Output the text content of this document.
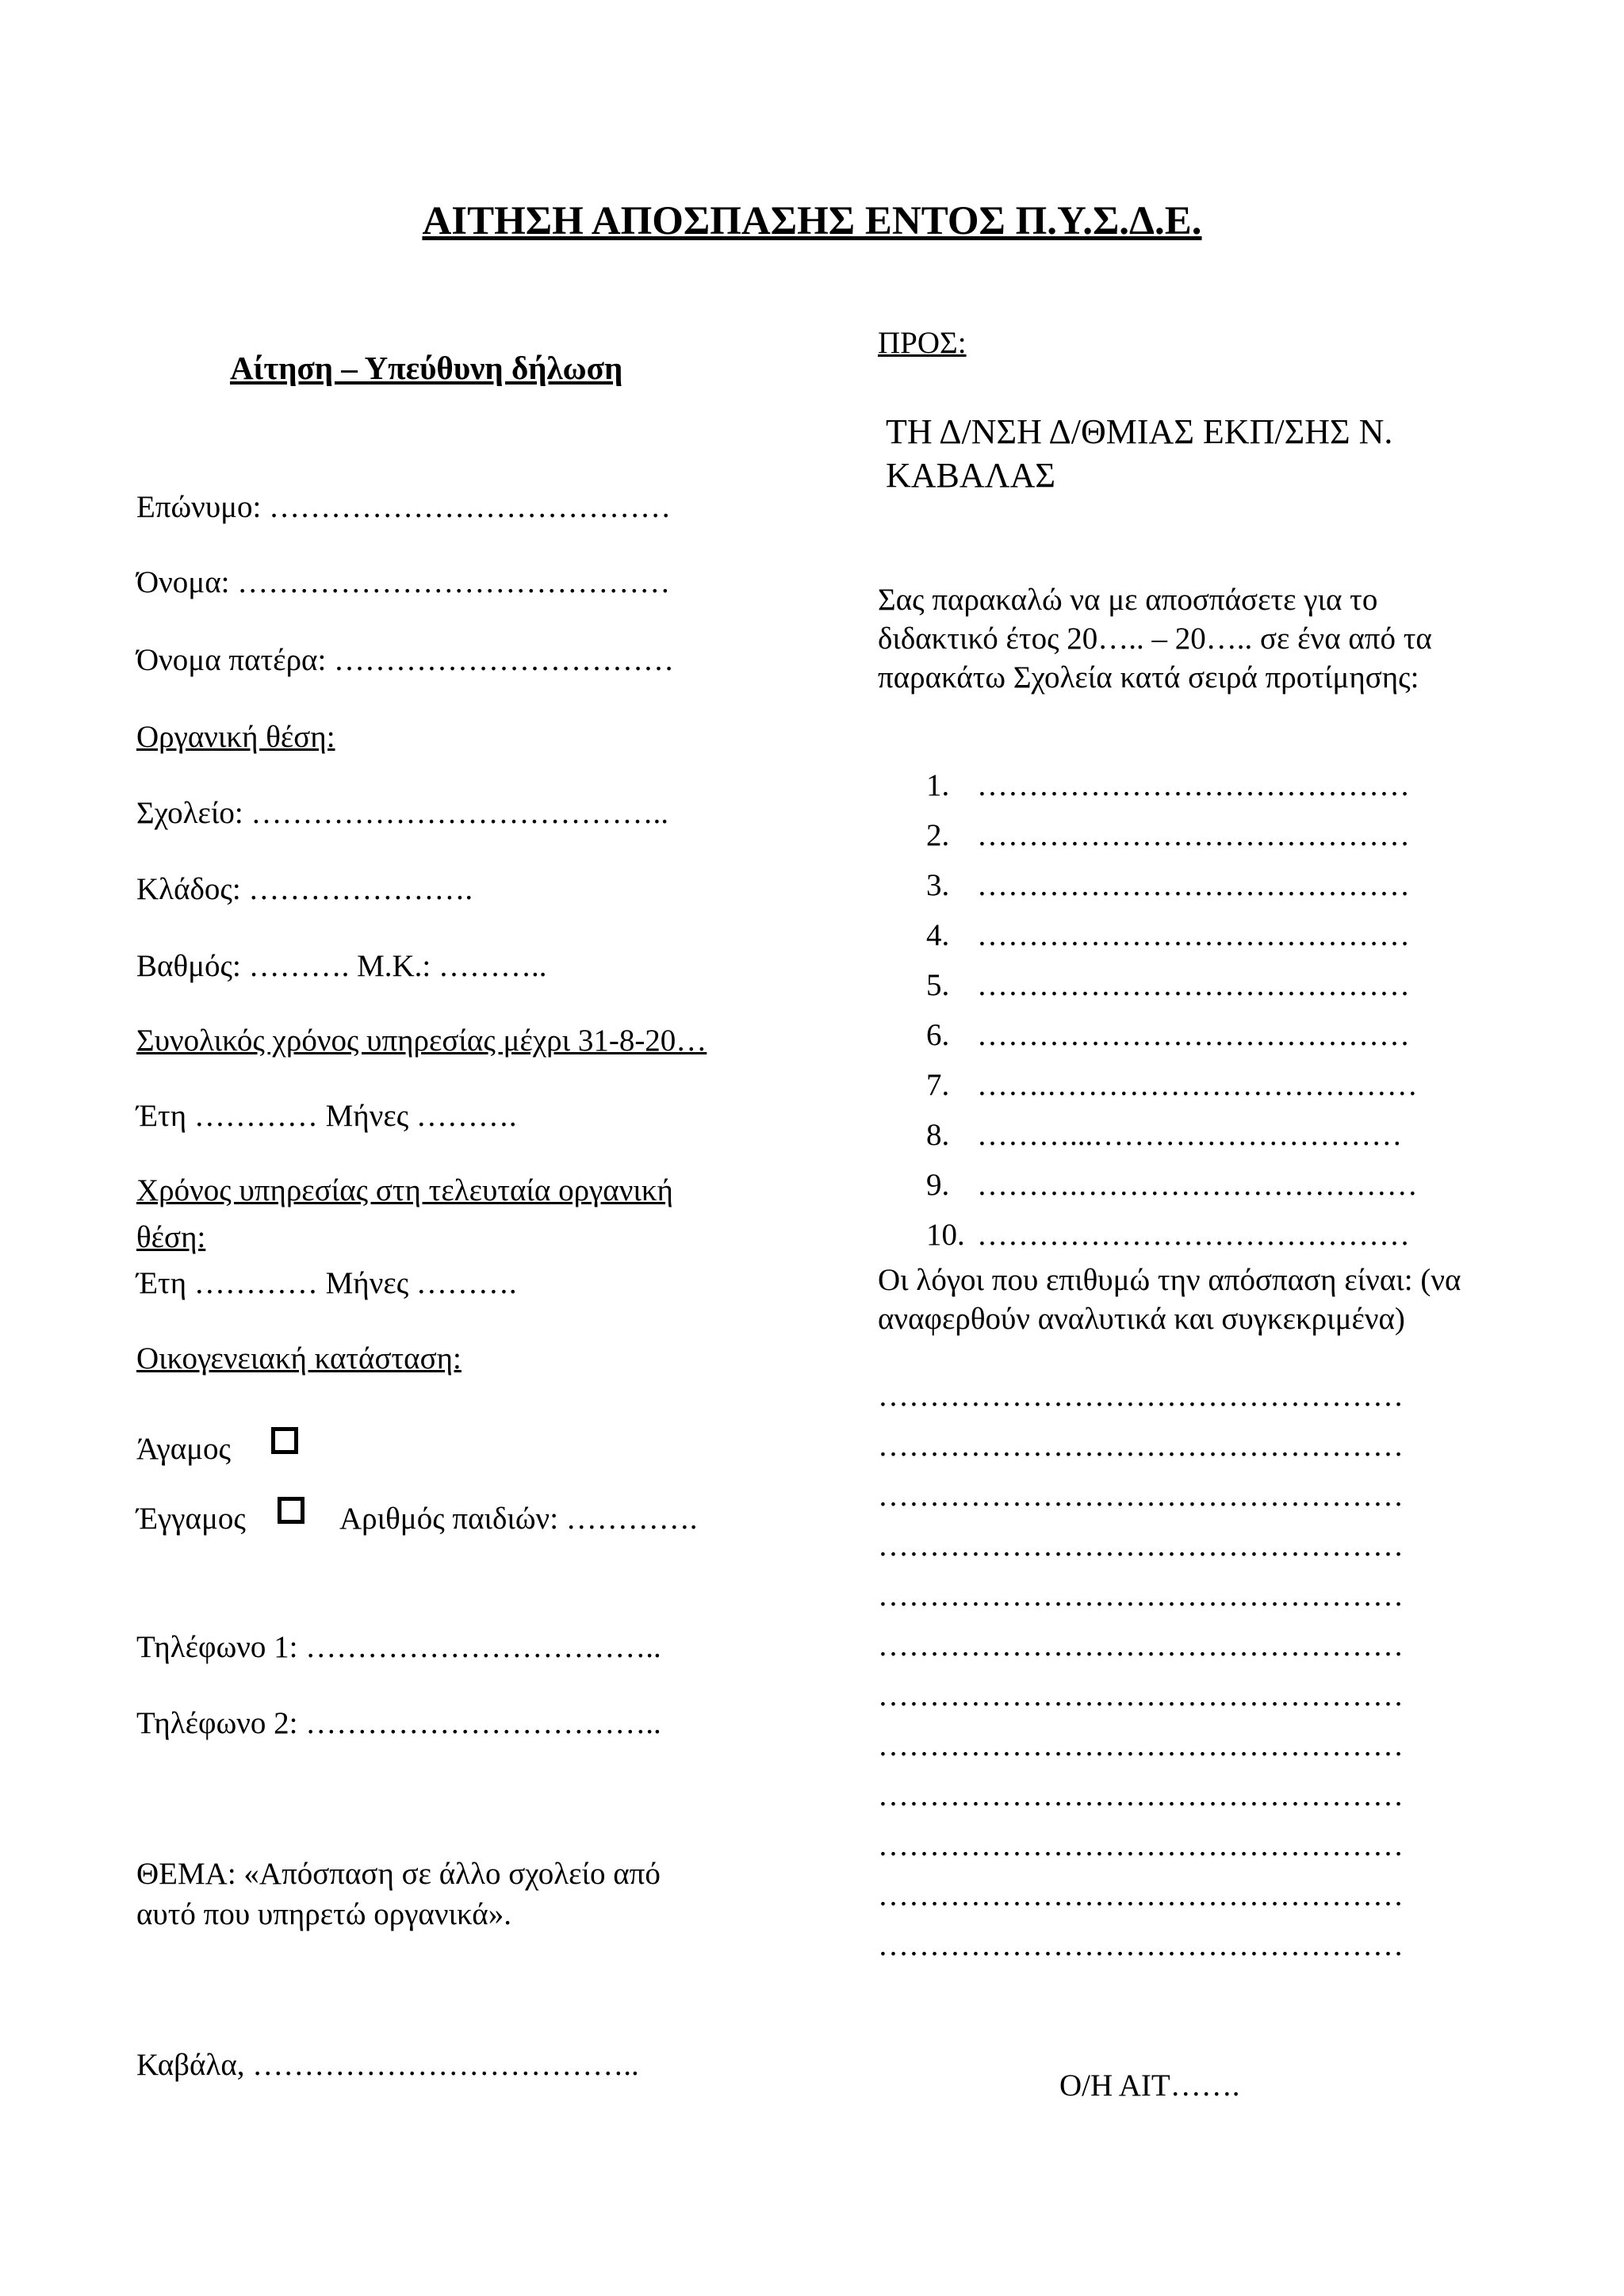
ΑΙΤΗΣΗ ΑΠΟΣΠΑΣΗΣ ΕΝΤΟΣ Π.Υ.Σ.Δ.Ε.
Αίτηση – Υπεύθυνη δήλωση
Επώνυμο: …………………………………
Όνομα: ……………………………………
Όνομα πατέρα: ……………………………
Οργανική θέση:
Σχολείο: …………………………………..
Κλάδος: ………………….
Βαθμός: ………. Μ.Κ.: ………..
Συνολικός χρόνος υπηρεσίας μέχρι 31-8-20…
Έτη ………… Μήνες ……….
Χρόνος υπηρεσίας στη τελευταία οργανική
θέση:
Έτη ………… Μήνες ……….
Οικογενειακή κατάσταση:
Άγαμος
Έγγαμος	Αριθμός παιδιών: ………….
Τηλέφωνο 1: ……………………………..
Τηλέφωνο 2: ……………………………..
ΘΕΜΑ: «Απόσπαση σε άλλο σχολείο από
αυτό που υπηρετώ οργανικά».
Καβάλα, ………………………………..
ΠΡΟΣ:
ΤΗ Δ/ΝΣΗ Δ/ΘΜΙΑΣ ΕΚΠ/ΣΗΣ Ν. ΚΑΒΑΛΑΣ
Σας παρακαλώ να με αποσπάσετε για το διδακτικό έτος 20….. – 20….. σε ένα από τα παρακάτω Σχολεία κατά σειρά προτίμησης:
1. ……………………………………
2. ……………………………………
3. ……………………………………
4. ……………………………………
5. ……………………………………
6. ……………………………………
7. …….………………………………
8. ………...…………………………
9. ……….……………………………
10. ……………………………………
Οι λόγοι που επιθυμώ την απόσπαση είναι: (να αναφερθούν αναλυτικά και συγκεκριμένα)
……………………………………………
……………………………………………
……………………………………………
……………………………………………
……………………………………………
……………………………………………
……………………………………………
……………………………………………
……………………………………………
……………………………………………
……………………………………………
……………………………………………
Ο/Η ΑΙΤ…….
